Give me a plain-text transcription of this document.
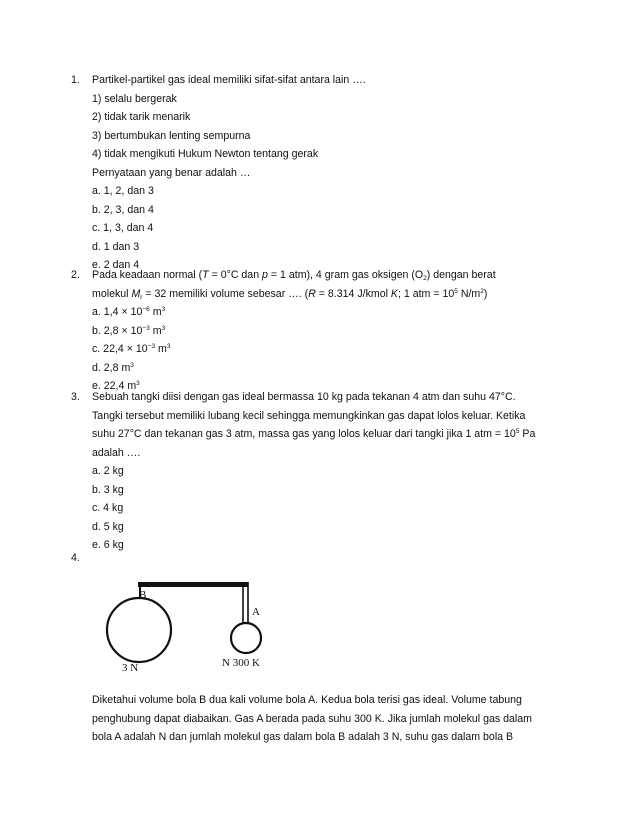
1.	Partikel-partikel gas ideal memiliki sifat-sifat antara lain ….
1) selalu bergerak
2) tidak tarik menarik
3) bertumbukan lenting sempurna
4) tidak mengikuti Hukum Newton tentang gerak
Pernyataan yang benar adalah …
a. 1, 2, dan 3
b. 2, 3, dan 4
c. 1, 3, dan 4
d. 1 dan 3
e. 2 dan 4
2.	Pada keadaan normal (T = 0°C dan p = 1 atm), 4 gram gas oksigen $(O_2)$ dengan berat
molekul $M_r = 32$ memiliki volume sebesar …. (R = 8.314 J/kmol K; 1 atm = $10^5$ $N/m^2$)
a. $1,4 \times 10^{-6}$ $m^3$
b. $2,8 \times 10^{-3}$ $m^3$
c. $22,4 \times 10^{-3}$ $m^3$
d. 2,8 $m^3$
e. 22,4 $m^3$
3.	Sebuah tangki diisi dengan gas ideal bermassa 10 kg pada tekanan 4 atm dan suhu 47°C.
Tangki tersebut memiliki lubang kecil sehingga memungkinkan gas dapat lolos keluar. Ketika
suhu 27°C dan tekanan gas 3 atm, massa gas yang lolos keluar dari tangki jika 1 atm = $10^5$ Pa
adalah ….
a. 2 kg
b. 3 kg
c. 4 kg
d. 5 kg
e. 6 kg
4.
B
A
3 N	N 300 K
Diketahui volume bola B dua kali volume bola A. Kedua bola terisi gas ideal. Volume tabung
penghubung dapat diabaikan. Gas A berada pada suhu 300 K. Jika jumlah molekul gas dalam
bola A adalah N dan jumlah molekul gas dalam bola B adalah 3 N, suhu gas dalam bola B
